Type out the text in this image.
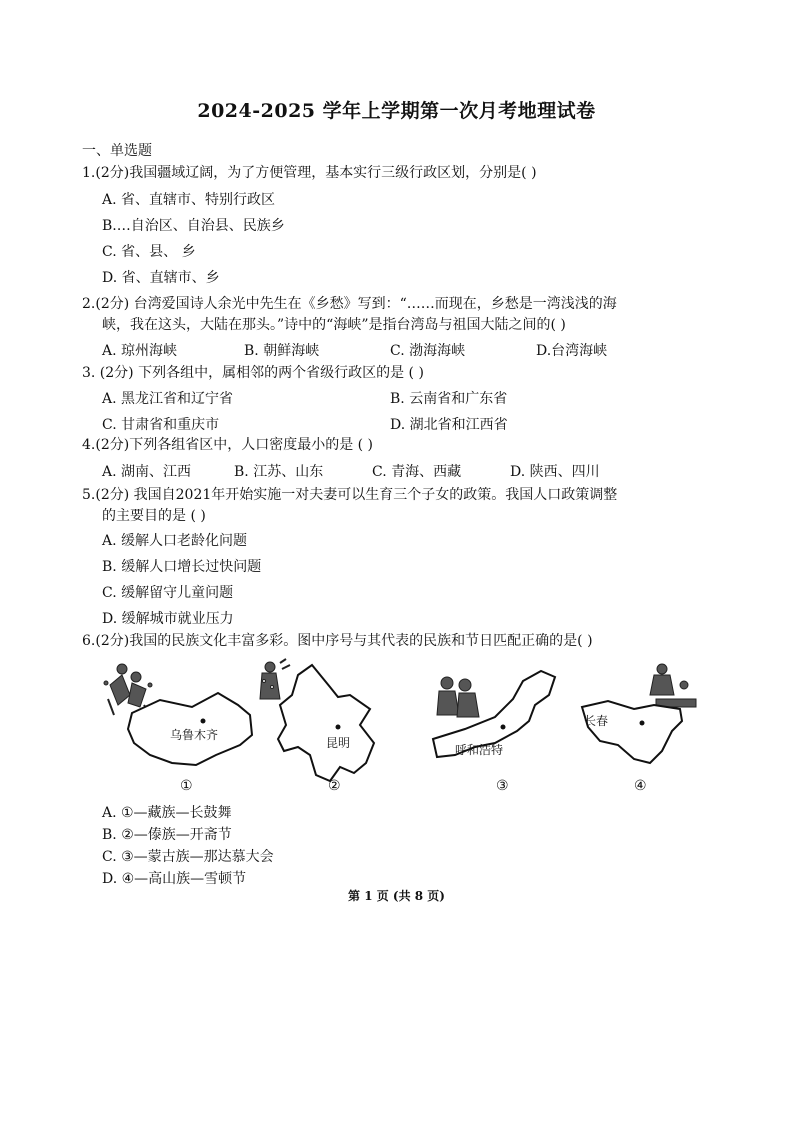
2024-2025 学年上学期第一次月考地理试卷
一、单选题
1.(2分)我国疆域辽阔，为了方便管理，基本实行三级行政区划，分别是( )
A. 省、直辖市、特别行政区
B.…自治区、自治县、民族乡
C. 省、县、 乡
D. 省、直辖市、乡
2.(2分) 台湾爱国诗人余光中先生在《乡愁》写到：“……而现在，乡愁是一湾浅浅的海
峡，我在这头，大陆在那头。”诗中的“海峡”是指台湾岛与祖国大陆之间的( )
A. 琼州海峡	B. 朝鲜海峡	C. 渤海海峡	D.台湾海峡
3. (2分) 下列各组中，属相邻的两个省级行政区的是 ( )
A. 黑龙江省和辽宁省	B. 云南省和广东省
C. 甘肃省和重庆市	D. 湖北省和江西省
4.(2分)下列各组省区中，人口密度最小的是 ( )
A. 湖南、江西	B. 江苏、山东	C. 青海、西藏	D. 陕西、四川
5.(2分) 我国自2021年开始实施一对夫妻可以生育三个子女的政策。我国人口政策调整
的主要目的是 ( )
A. 缓解人口老龄化问题
B. 缓解人口增长过快问题
C. 缓解留守儿童问题
D. 缓解城市就业压力
6.(2分)我国的民族文化丰富多彩。图中序号与其代表的民族和节日匹配正确的是( )
乌鲁木齐
①
昆明
②
呼和浩特
③
长春
④
A. ①—藏族—长鼓舞
B. ②—傣族—开斋节
C. ③—蒙古族—那达慕大会
D. ④—高山族—雪顿节
第 1 页 (共 8 页)
